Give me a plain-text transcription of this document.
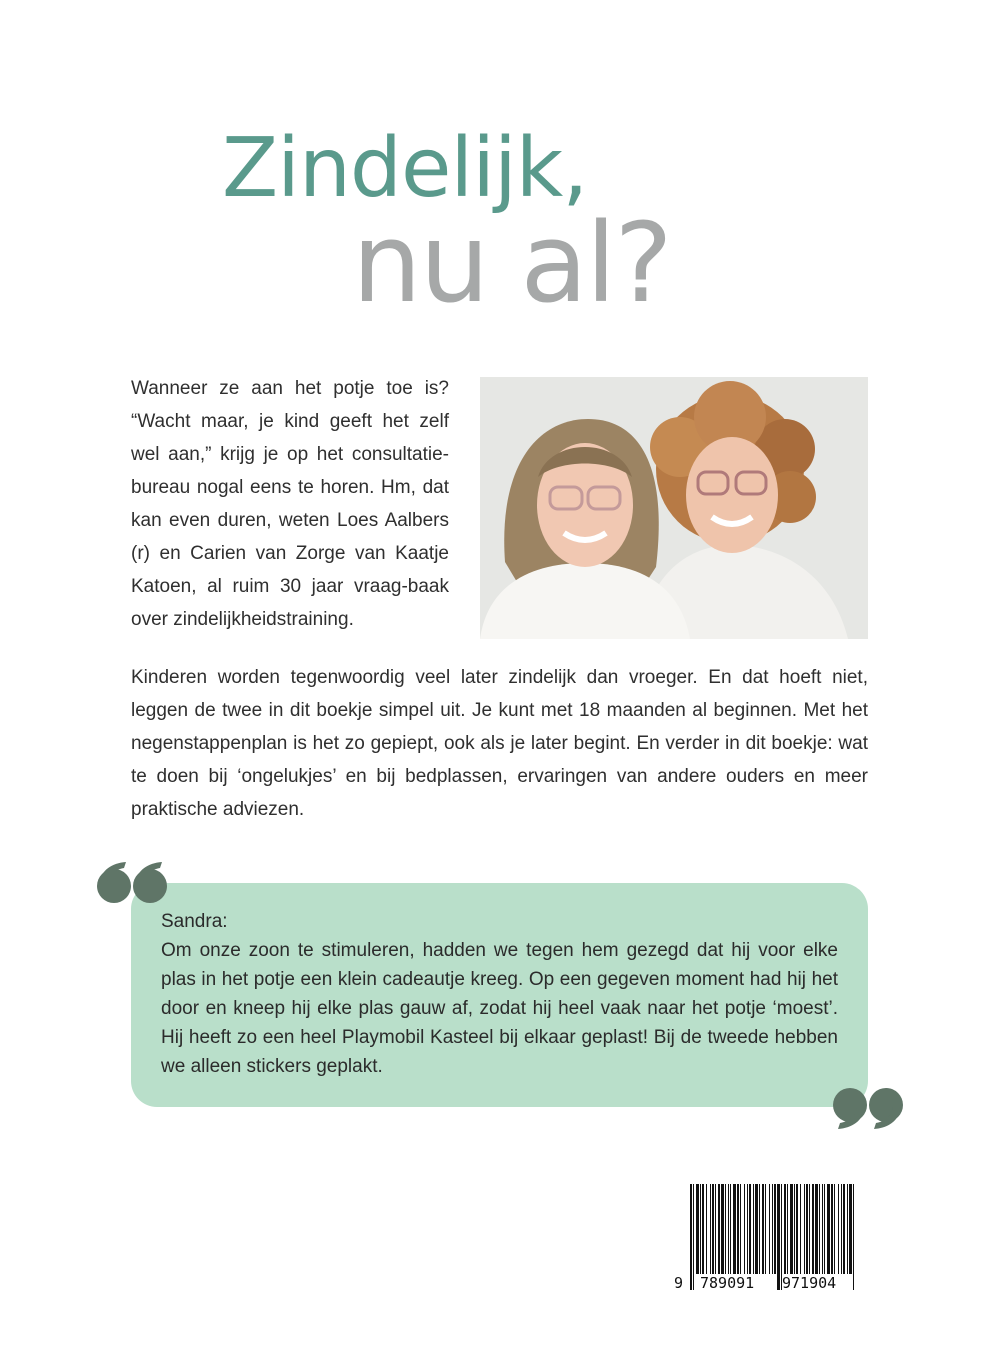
Zindelijk,
nu al?

Wanneer ze aan het potje toe is? “Wacht maar, je kind geeft het zelf wel aan,” krijg je op het consultatie-bureau nogal eens te horen. Hm, dat kan even duren, weten Loes Aalbers (r) en Carien van Zorge van Kaatje Katoen, al ruim 30 jaar vraag-baak over zindelijkheidstraining.

Kinderen worden tegenwoordig veel later zindelijk dan vroeger. En dat hoeft niet, leggen de twee in dit boekje simpel uit. Je kunt met 18 maanden al beginnen. Met het negenstappenplan is het zo gepiept, ook als je later begint. En verder in dit boekje: wat te doen bij ‘ongelukjes’ en bij bedplassen, ervaringen van andere ouders en meer praktische adviezen.

Sandra:
Om onze zoon te stimuleren, hadden we tegen hem gezegd dat hij voor elke plas in het potje een klein cadeautje kreeg. Op een gegeven moment had hij het door en kneep hij elke plas gauw af, zodat hij heel vaak naar het potje ‘moest’. Hij heeft zo een heel Playmobil Kasteel bij elkaar geplast! Bij de tweede hebben we alleen stickers geplakt.

9 789091 971904
